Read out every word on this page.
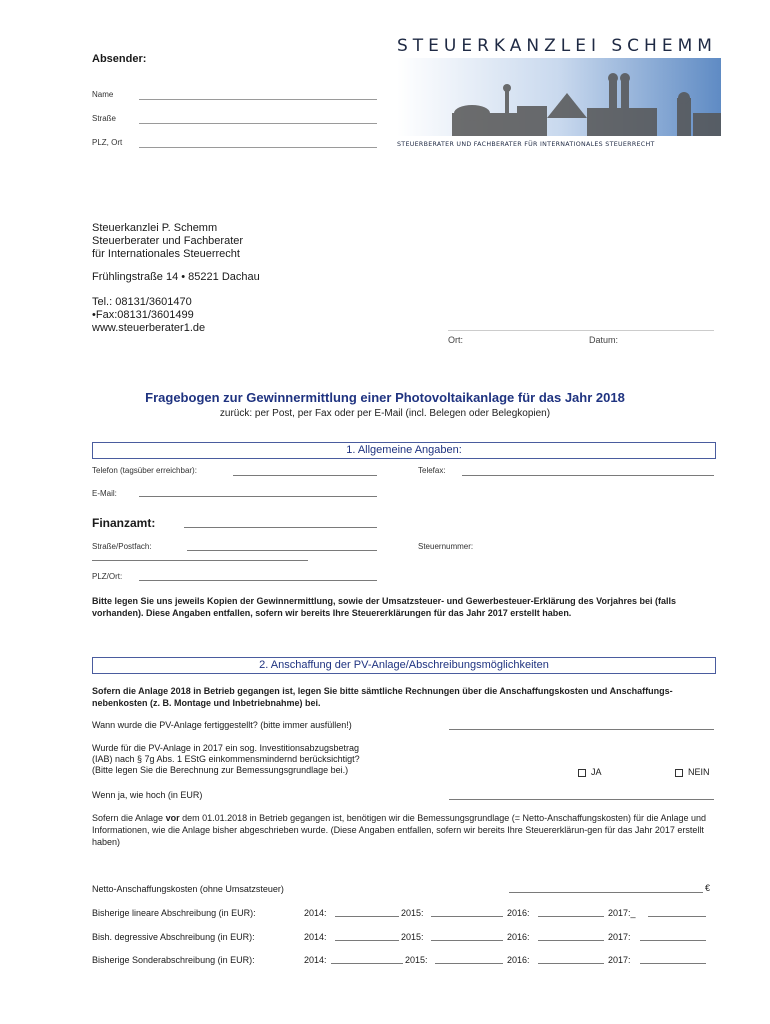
Absender:
Name
Straße
PLZ, Ort
STEUERKANZLEI SCHEMM
STEUERBERATER UND FACHBERATER FÜR INTERNATIONALES STEUERRECHT
Steuerkanzlei P. Schemm
Steuerberater und Fachberater
für Internationales Steuerrecht
Frühlingstraße 14 • 85221 Dachau
Tel.: 08131/3601470
•Fax:08131/3601499
www.steuerberater1.de
Ort:	Datum:
Fragebogen zur Gewinnermittlung einer Photovoltaikanlage für das Jahr 2018
zurück: per Post, per Fax oder per E-Mail (incl. Belegen oder Belegkopien)
1. Allgemeine Angaben:
Telefon (tagsüber erreichbar):	Telefax:
E-Mail:
Finanzamt:
Straße/Postfach:	Steuernummer:
PLZ/Ort:
Bitte legen Sie uns jeweils Kopien der Gewinnermittlung, sowie der Umsatzsteuer- und Gewerbesteuer-Erklärung des Vorjahres bei (falls vorhanden). Diese Angaben entfallen, sofern wir bereits Ihre Steuererklärungen für das Jahr 2017 erstellt haben.
2. Anschaffung der PV-Anlage/Abschreibungsmöglichkeiten
Sofern die Anlage 2018 in Betrieb gegangen ist, legen Sie bitte sämtliche Rechnungen über die Anschaffungskosten und Anschaffungs-nebenkosten (z. B. Montage und Inbetriebnahme) bei.
Wann wurde die PV-Anlage fertiggestellt? (bitte immer ausfüllen!)
Wurde für die PV-Anlage in 2017 ein sog. Investitionsabzugsbetrag
(IAB) nach § 7g Abs. 1 EStG einkommensmindernd berücksichtigt?
(Bitte legen Sie die Berechnung zur Bemessungsgrundlage bei.)	JA	NEIN
Wenn ja, wie hoch (in EUR)
Sofern die Anlage vor dem 01.01.2018 in Betrieb gegangen ist, benötigen wir die Bemessungsgrundlage (= Netto-Anschaffungskosten) für die Anlage und Informationen, wie die Anlage bisher abgeschrieben wurde. (Diese Angaben entfallen, sofern wir bereits Ihre Steuererklärun-gen für das Jahr 2017 erstellt haben)
Netto-Anschaffungskosten (ohne Umsatzsteuer)	€
Bisherige lineare Abschreibung (in EUR):	2014:	2015:	2016:	2017:_
Bish. degressive Abschreibung (in EUR):	2014:	2015:	2016:	2017:
Bisherige Sonderabschreibung (in EUR):	2014:	2015:	2016:	2017:
